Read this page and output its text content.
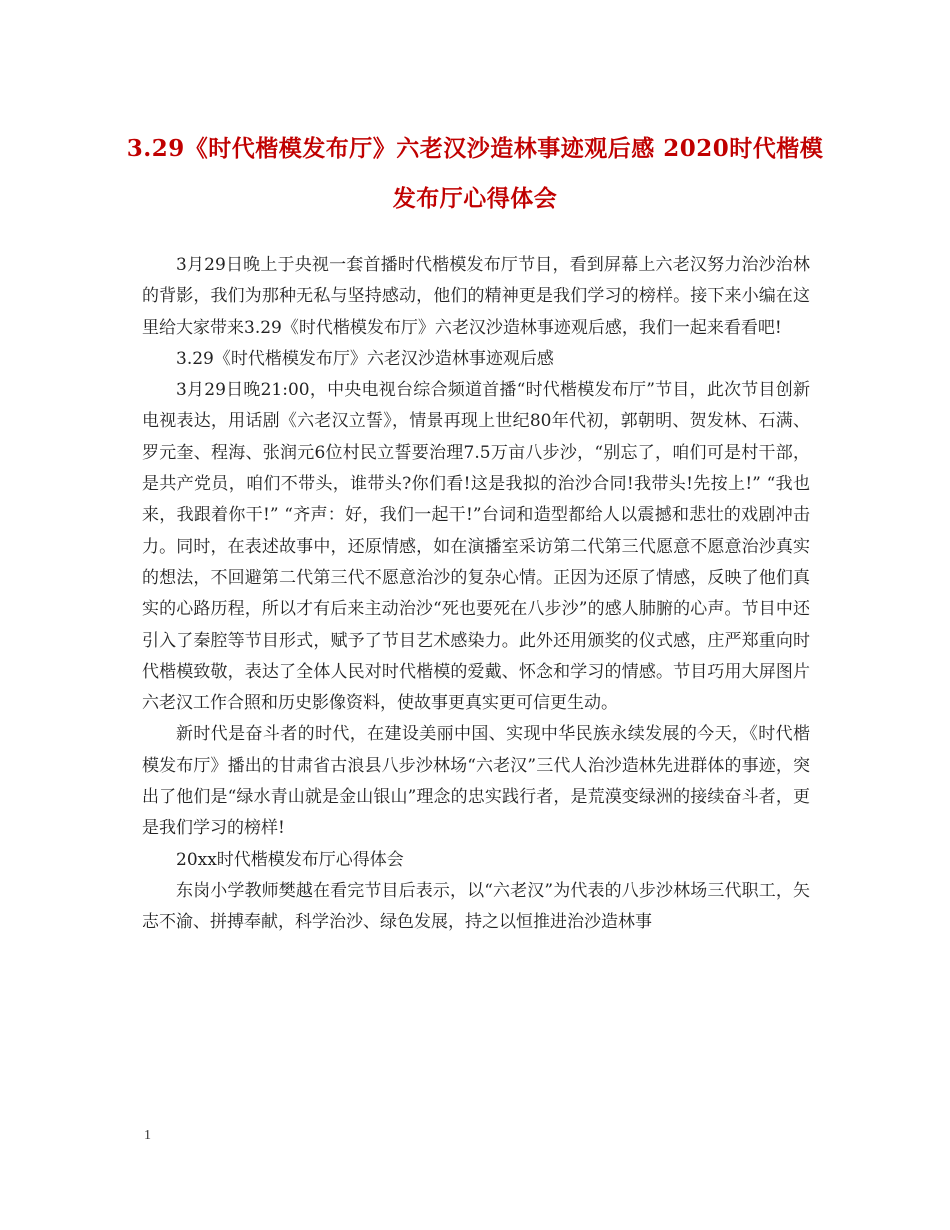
3.29《时代楷模发布厅》六老汉沙造林事迹观后感 2020时代楷模发布厅心得体会

3月29日晚上于央视一套首播时代楷模发布厅节目，看到屏幕上六老汉努力治沙治林的背影，我们为那种无私与坚持感动，他们的精神更是我们学习的榜样。接下来小编在这里给大家带来3.29《时代楷模发布厅》六老汉沙造林事迹观后感，我们一起来看看吧!

3.29《时代楷模发布厅》六老汉沙造林事迹观后感

3月29日晚21:00，中央电视台综合频道首播“时代楷模发布厅”节目，此次节目创新电视表达，用话剧《六老汉立誓》，情景再现上世纪80年代初，郭朝明、贺发林、石满、罗元奎、程海、张润元6位村民立誓要治理7.5万亩八步沙，“别忘了，咱们可是村干部，是共产党员，咱们不带头，谁带头?你们看!这是我拟的治沙合同!我带头!先按上!” “我也来，我跟着你干!” “齐声：好，我们一起干!”台词和造型都给人以震撼和悲壮的戏剧冲击力。同时，在表述故事中，还原情感，如在演播室采访第二代第三代愿意不愿意治沙真实的想法，不回避第二代第三代不愿意治沙的复杂心情。正因为还原了情感，反映了他们真实的心路历程，所以才有后来主动治沙“死也要死在八步沙”的感人肺腑的心声。节目中还引入了秦腔等节目形式，赋予了节目艺术感染力。此外还用颁奖的仪式感，庄严郑重向时代楷模致敬，表达了全体人民对时代楷模的爱戴、怀念和学习的情感。节目巧用大屏图片六老汉工作合照和历史影像资料，使故事更真实更可信更生动。

新时代是奋斗者的时代，在建设美丽中国、实现中华民族永续发展的今天，《时代楷模发布厅》播出的甘肃省古浪县八步沙林场“六老汉”三代人治沙造林先进群体的事迹，突出了他们是“绿水青山就是金山银山”理念的忠实践行者，是荒漠变绿洲的接续奋斗者，更是我们学习的榜样!

20xx时代楷模发布厅心得体会

东岗小学教师樊越在看完节目后表示，以“六老汉”为代表的八步沙林场三代职工，矢志不渝、拼搏奉献，科学治沙、绿色发展，持之以恒推进治沙造林事

1
